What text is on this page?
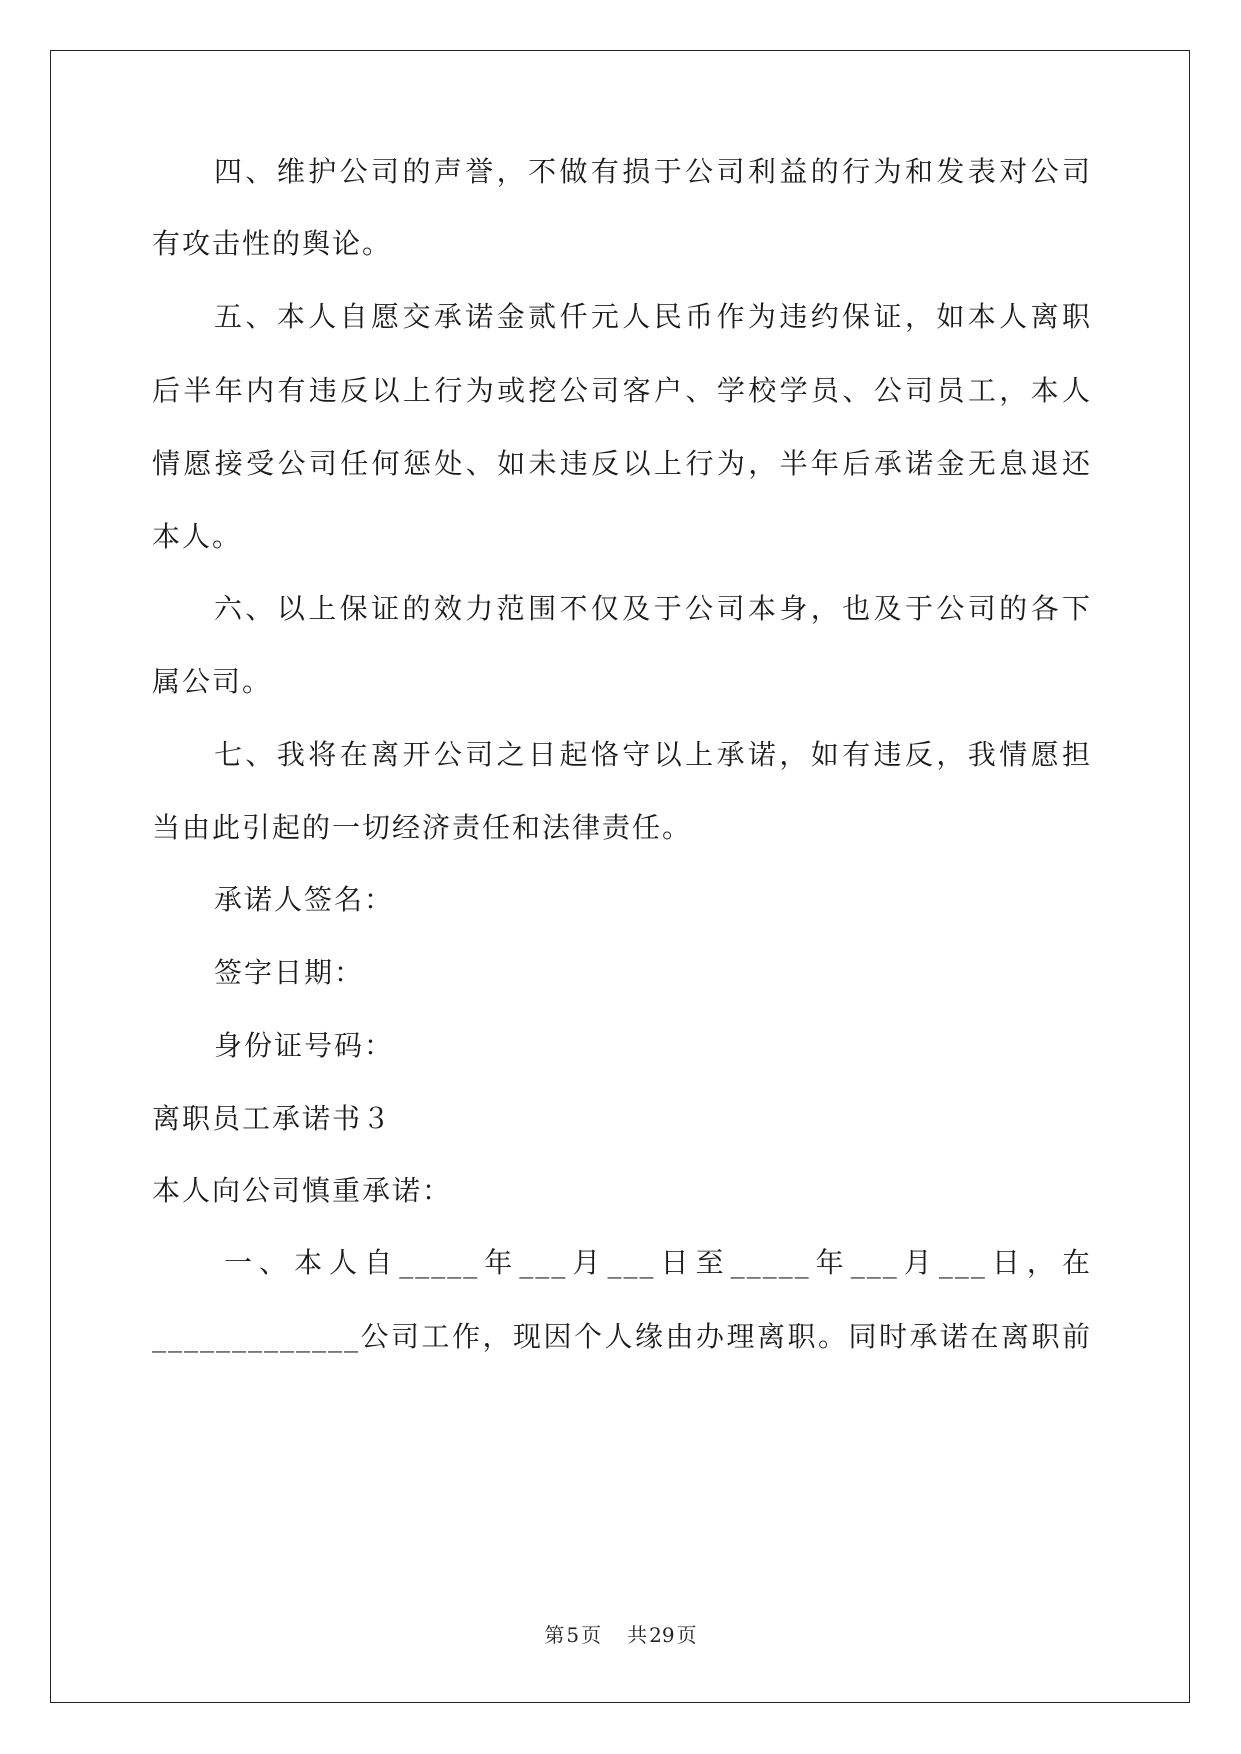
四、维护公司的声誉，不做有损于公司利益的行为和发表对公司
有攻击性的舆论。
五、本人自愿交承诺金贰仟元人民币作为违约保证，如本人离职
后半年内有违反以上行为或挖公司客户、学校学员、公司员工，本人
情愿接受公司任何惩处、如未违反以上行为，半年后承诺金无息退还
本人。
六、以上保证的效力范围不仅及于公司本身，也及于公司的各下
属公司。
七、我将在离开公司之日起恪守以上承诺，如有违反，我情愿担
当由此引起的一切经济责任和法律责任。
承诺人签名：
签字日期：
身份证号码：
离职员工承诺书３
本人向公司慎重承诺：
一、本人自_____年___月___日至_____年___月___日，在
_____________公司工作，现因个人缘由办理离职。同时承诺在离职前
第 5 页 共 29 页
